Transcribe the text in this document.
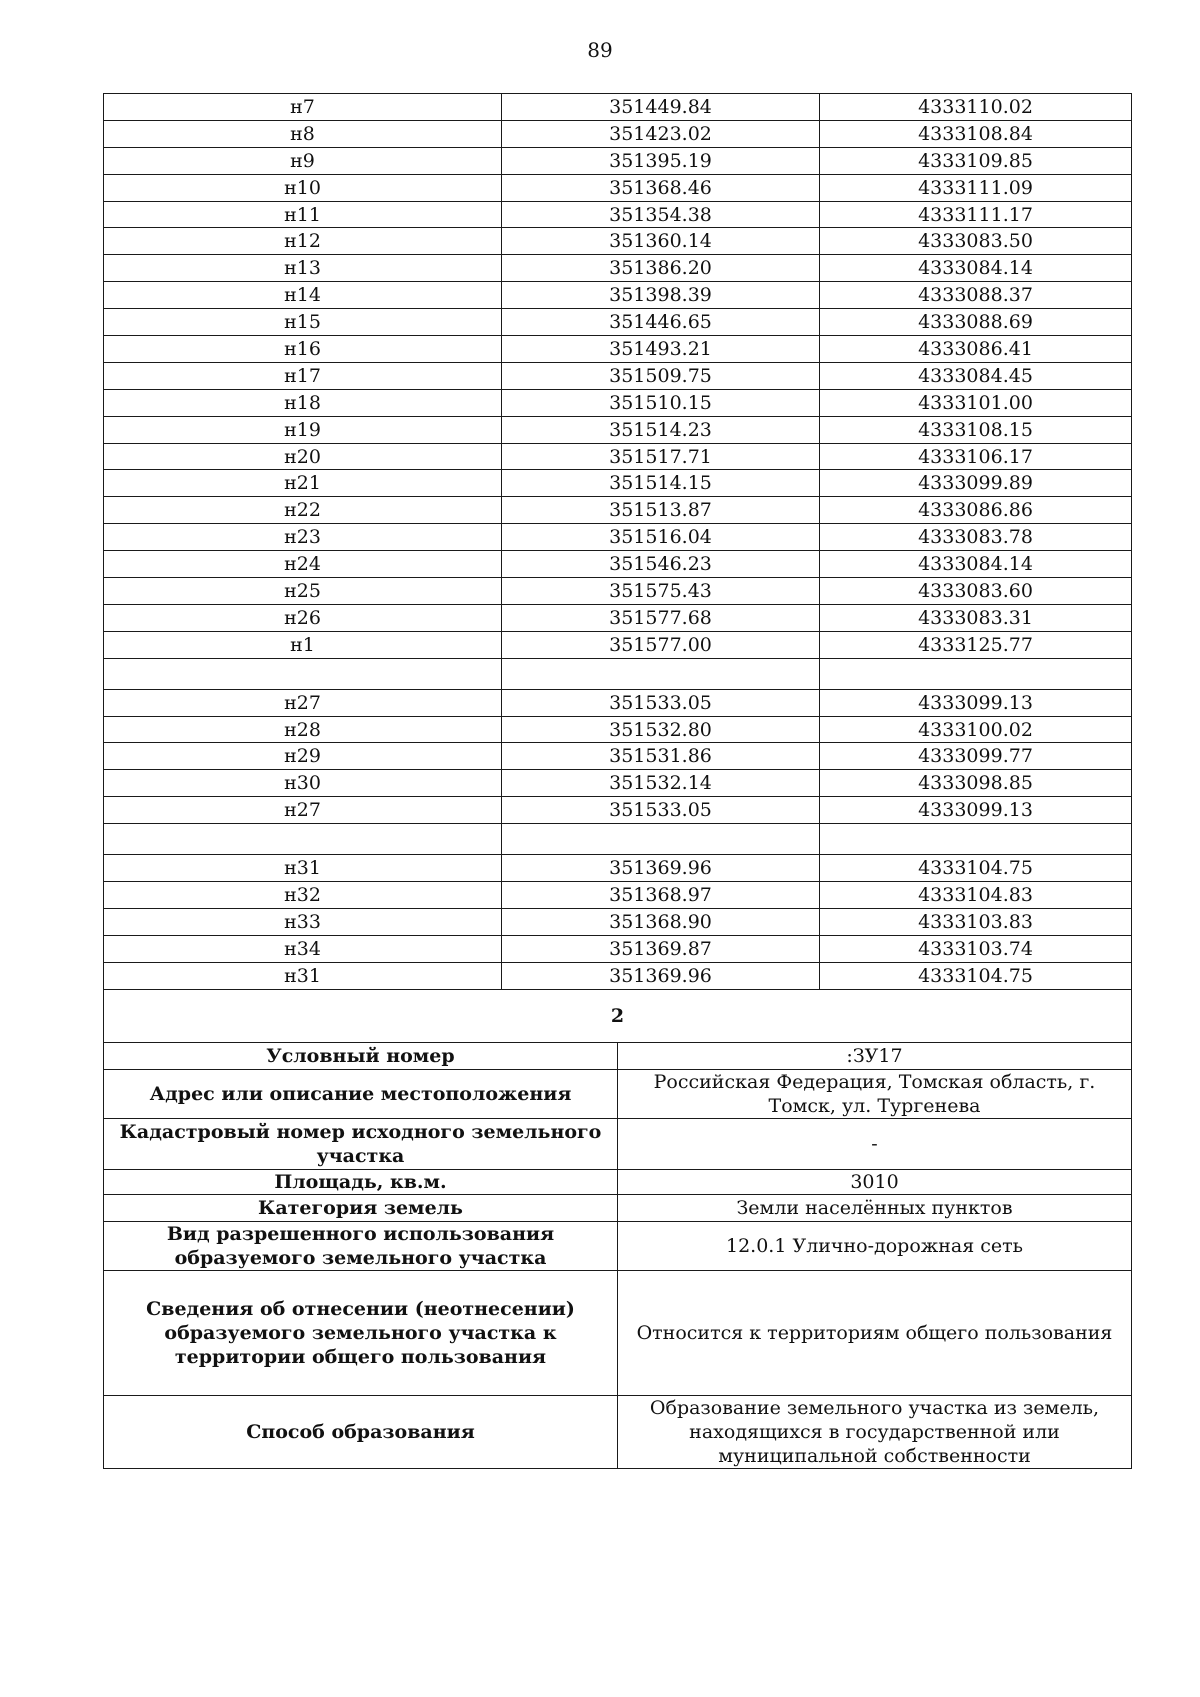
89
н7	351449.84	4333110.02
н8	351423.02	4333108.84
н9	351395.19	4333109.85
н10	351368.46	4333111.09
н11	351354.38	4333111.17
н12	351360.14	4333083.50
н13	351386.20	4333084.14
н14	351398.39	4333088.37
н15	351446.65	4333088.69
н16	351493.21	4333086.41
н17	351509.75	4333084.45
н18	351510.15	4333101.00
н19	351514.23	4333108.15
н20	351517.71	4333106.17
н21	351514.15	4333099.89
н22	351513.87	4333086.86
н23	351516.04	4333083.78
н24	351546.23	4333084.14
н25	351575.43	4333083.60
н26	351577.68	4333083.31
н1	351577.00	4333125.77

н27	351533.05	4333099.13
н28	351532.80	4333100.02
н29	351531.86	4333099.77
н30	351532.14	4333098.85
н27	351533.05	4333099.13

н31	351369.96	4333104.75
н32	351368.97	4333104.83
н33	351368.90	4333103.83
н34	351369.87	4333103.74
н31	351369.96	4333104.75
2	
Условный номер	:ЗУ17
Адрес или описание местоположения	Российская Федерация, Томская область, г. Томск, ул. Тургенева
Кадастровый номер исходного земельного участка	-
Площадь, кв.м.	3010
Категория земель	Земли населённых пунктов
Вид разрешенного использования образуемого земельного участка	12.0.1 Улично-дорожная сеть
Сведения об отнесении (неотнесении) образуемого земельного участка к территории общего пользования	Относится к территориям общего пользования
Способ образования	Образование земельного участка из земель, находящихся в государственной или муниципальной собственности
